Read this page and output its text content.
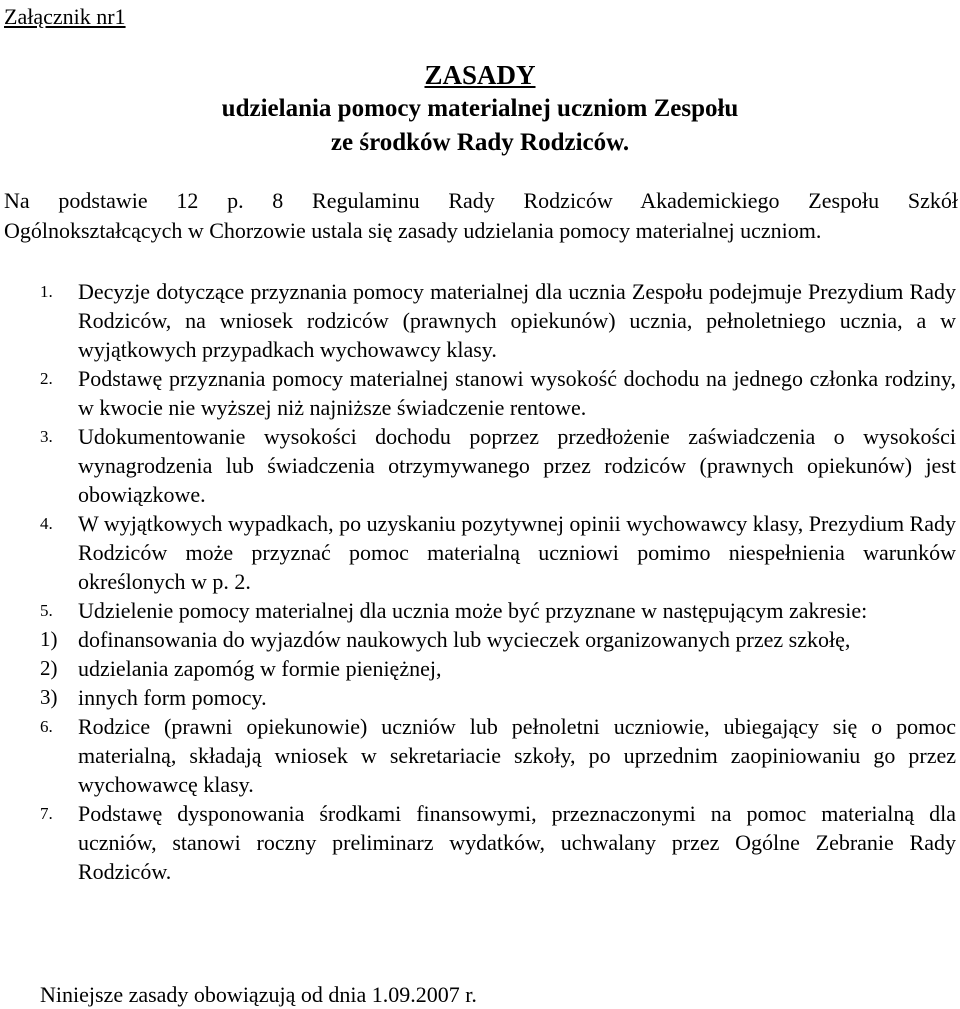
Załącznik nr1
ZASADY
udzielania pomocy materialnej uczniom Zespołu
ze środków Rady Rodziców.
Na podstawie 12 p. 8 Regulaminu Rady Rodziców Akademickiego Zespołu Szkół
Ogólnokształcących w Chorzowie ustala się zasady udzielania pomocy materialnej uczniom.
1. Decyzje dotyczące przyznania pomocy materialnej dla ucznia Zespołu podejmuje Prezydium Rady Rodziców, na wniosek rodziców (prawnych opiekunów) ucznia, pełnoletniego ucznia, a w wyjątkowych przypadkach wychowawcy klasy.
2. Podstawę przyznania pomocy materialnej stanowi wysokość dochodu na jednego członka rodziny, w kwocie nie wyższej niż najniższe świadczenie rentowe.
3. Udokumentowanie wysokości dochodu poprzez przedłożenie zaświadczenia o wysokości wynagrodzenia lub świadczenia otrzymywanego przez rodziców (prawnych opiekunów) jest obowiązkowe.
4. W wyjątkowych wypadkach, po uzyskaniu pozytywnej opinii wychowawcy klasy, Prezydium Rady Rodziców może przyznać pomoc materialną uczniowi pomimo niespełnienia warunków określonych w p. 2.
5. Udzielenie pomocy materialnej dla ucznia może być przyznane w następującym zakresie:
1) dofinansowania do wyjazdów naukowych lub wycieczek organizowanych przez szkołę,
2) udzielania zapomóg w formie pieniężnej,
3) innych form pomocy.
6. Rodzice (prawni opiekunowie) uczniów lub pełnoletni uczniowie, ubiegający się o pomoc materialną, składają wniosek w sekretariacie szkoły, po uprzednim zaopiniowaniu go przez wychowawcę klasy.
7. Podstawę dysponowania środkami finansowymi, przeznaczonymi na pomoc materialną dla uczniów, stanowi roczny preliminarz wydatków, uchwalany przez Ogólne Zebranie Rady Rodziców.
Niniejsze zasady obowiązują od dnia 1.09.2007 r.
